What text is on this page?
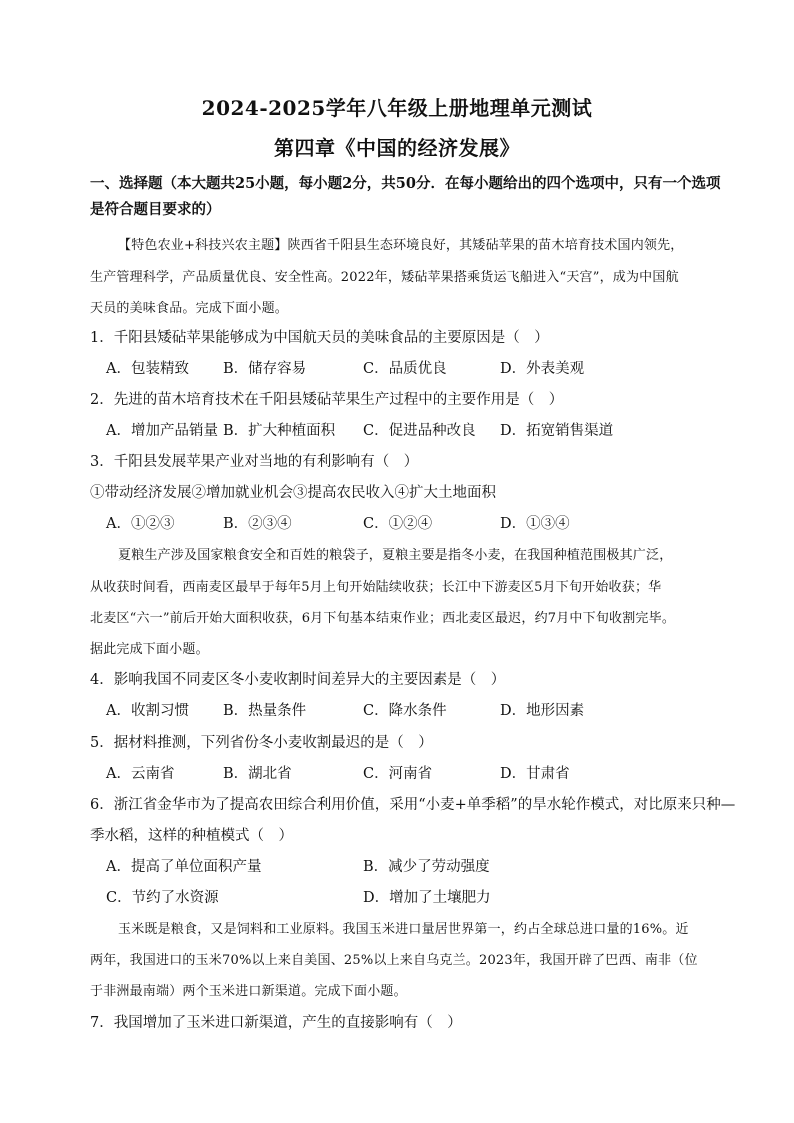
2024-2025学年八年级上册地理单元测试
第四章《中国的经济发展》
一、选择题（本大题共25小题，每小题2分，共50分．在每小题给出的四个选项中，只有一个选项
是符合题目要求的）
【特色农业+科技兴农主题】陕西省千阳县生态环境良好，其矮砧苹果的苗木培育技术国内领先，
生产管理科学，产品质量优良、安全性高。2022年，矮砧苹果搭乘货运飞船进入“天宫”，成为中国航
天员的美味食品。完成下面小题。
1．千阳县矮砧苹果能够成为中国航天员的美味食品的主要原因是（　）
A．包装精致 B．储存容易	C．品质优良	D．外表美观
2．先进的苗木培育技术在千阳县矮砧苹果生产过程中的主要作用是（　）
A．增加产品销量 B．扩大种植面积 C．促进品种改良 D．拓宽销售渠道
3．千阳县发展苹果产业对当地的有利影响有（　）
①带动经济发展②增加就业机会③提高农民收入④扩大土地面积
A．①②③	B．②③④	C．①②④	D．①③④
夏粮生产涉及国家粮食安全和百姓的粮袋子，夏粮主要是指冬小麦，在我国种植范围极其广泛，
从收获时间看，西南麦区最早于每年5月上旬开始陆续收获；长江中下游麦区5月下旬开始收获；华
北麦区“六一”前后开始大面积收获，6月下旬基本结束作业；西北麦区最迟，约7月中下旬收割完毕。
据此完成下面小题。
4．影响我国不同麦区冬小麦收割时间差异大的主要因素是（　）
A．收割习惯 B．热量条件	C．降水条件	D．地形因素
5．据材料推测，下列省份冬小麦收割最迟的是（　）
A．云南省	B．湖北省	C．河南省	D．甘肃省
6．浙江省金华市为了提高农田综合利用价值，采用“小麦+单季稻”的旱水轮作模式，对比原来只种—
季水稻，这样的种植模式（　）
A．提高了单位面积产量	B．减少了劳动强度
C．节约了水资源	D．增加了土壤肥力
玉米既是粮食，又是饲料和工业原料。我国玉米进口量居世界第一，约占全球总进口量的16%。近
两年，我国进口的玉米70%以上来自美国、25%以上来自乌克兰。2023年，我国开辟了巴西、南非（位
于非洲最南端）两个玉米进口新渠道。完成下面小题。
7．我国增加了玉米进口新渠道，产生的直接影响有（　）
